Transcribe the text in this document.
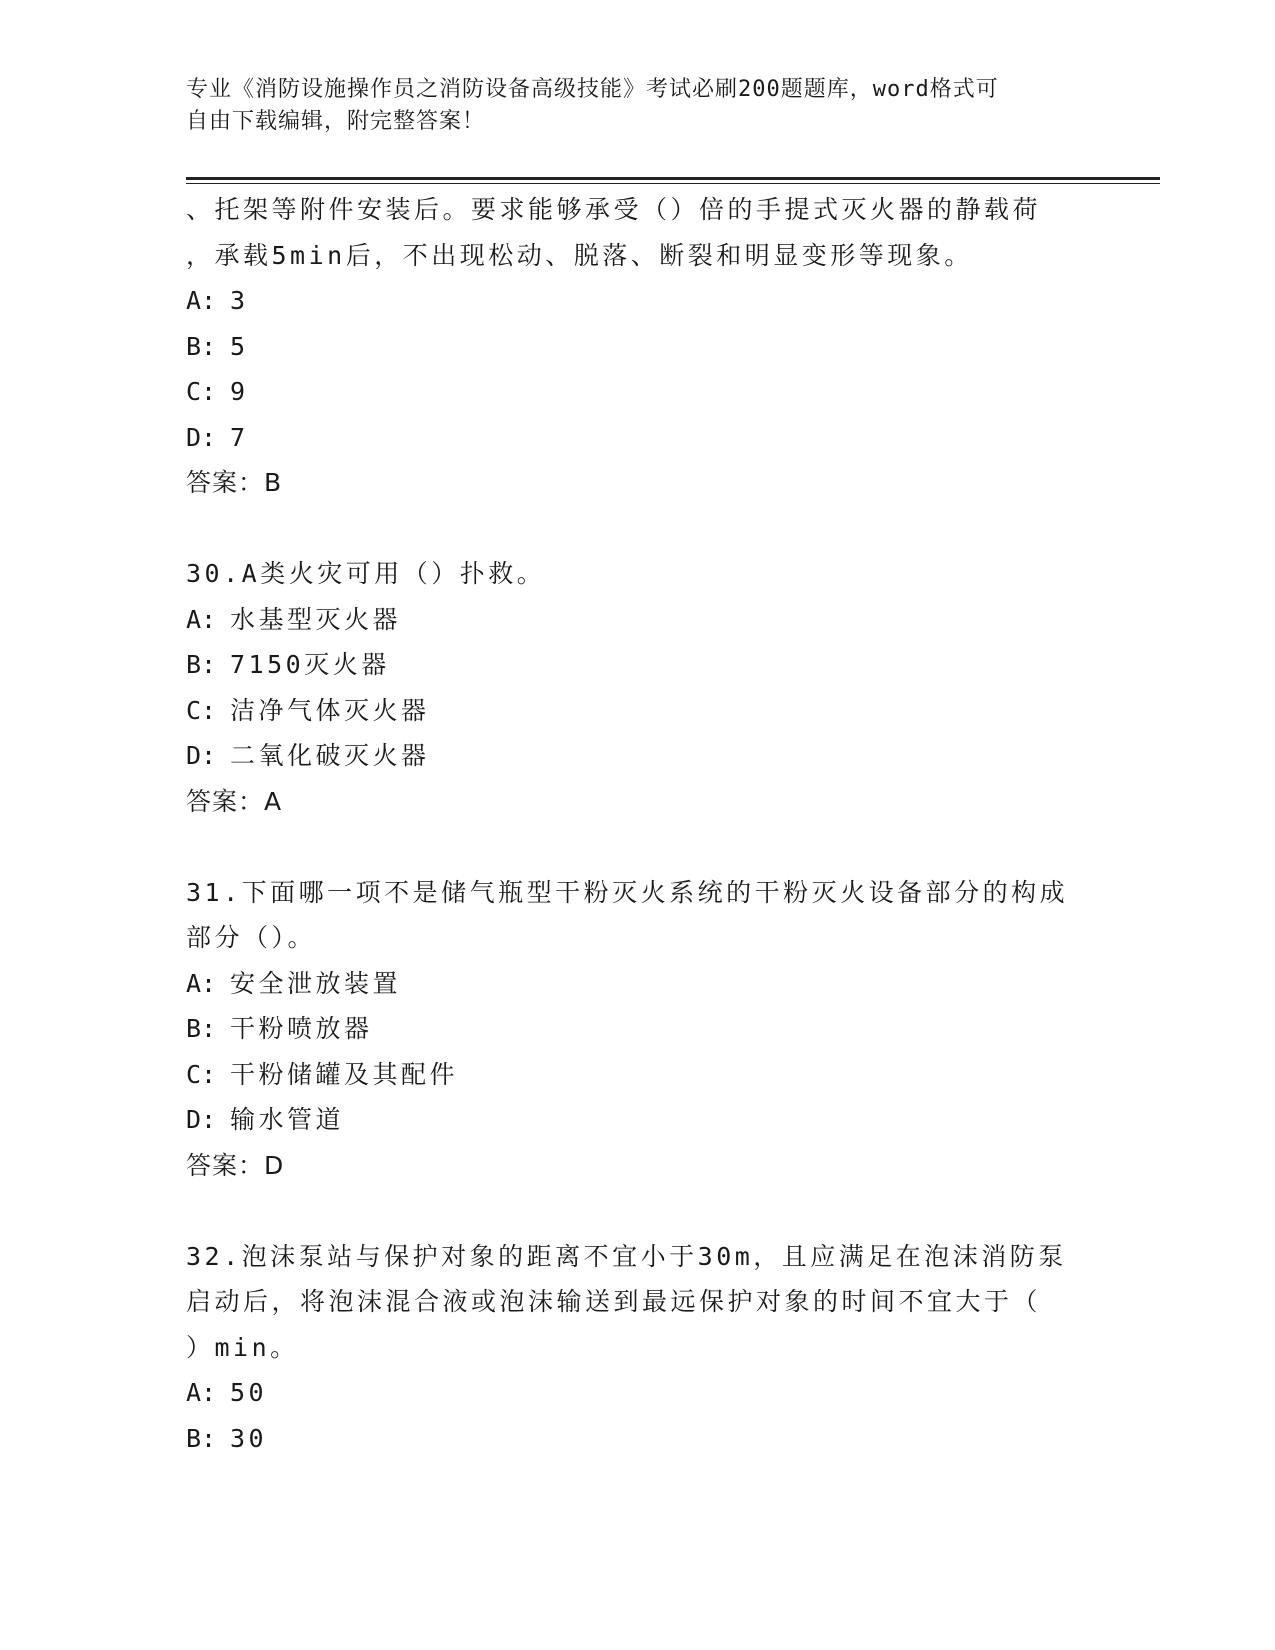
专业《消防设施操作员之消防设备高级技能》考试必刷200题题库，word格式可
自由下载编辑，附完整答案！
、托架等附件安装后。要求能够承受（）倍的手提式灭火器的静载荷
，承载5min后，不出现松动、脱落、断裂和明显变形等现象。
A: 3
B: 5
C: 9
D: 7
答案：B
30.A类火灾可用（）扑救。
A: 水基型灭火器
B: 7150灭火器
C: 洁净气体灭火器
D: 二氧化破灭火器
答案：A
31.下面哪一项不是储气瓶型干粉灭火系统的干粉灭火设备部分的构成
部分（）。
A: 安全泄放装置
B: 干粉喷放器
C: 干粉储罐及其配件
D: 输水管道
答案：D
32.泡沫泵站与保护对象的距离不宜小于30m，且应满足在泡沫消防泵
启动后，将泡沫混合液或泡沫输送到最远保护对象的时间不宜大于（
）min。
A: 50
B: 30
